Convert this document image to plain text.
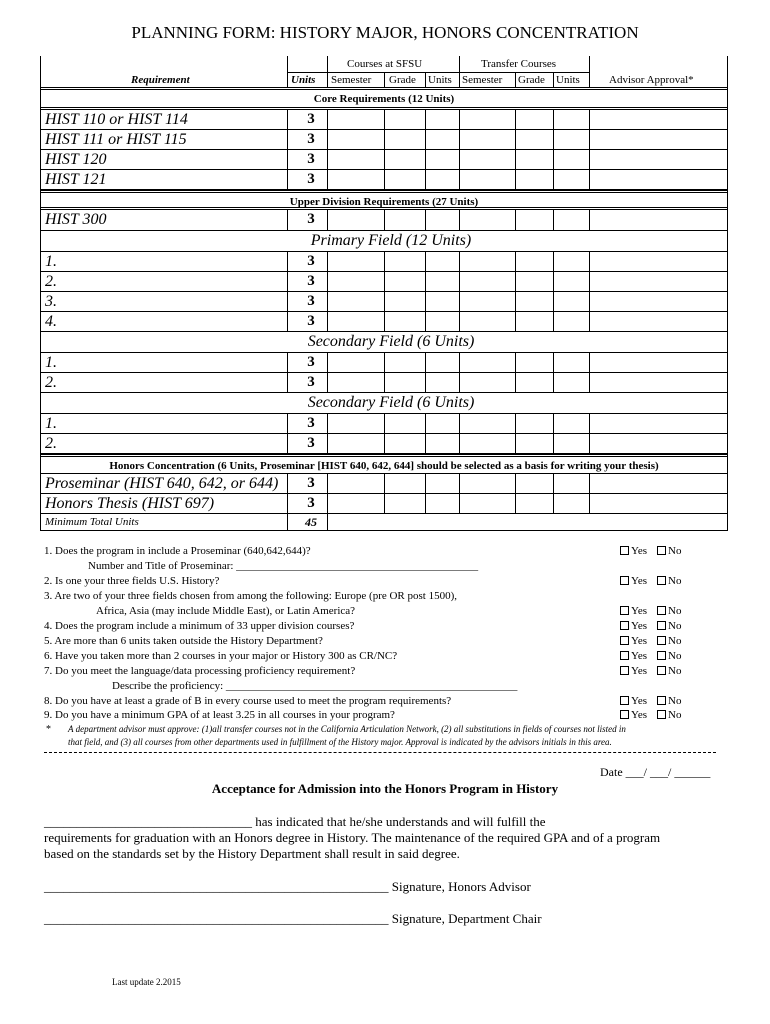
PLANNING FORM: HISTORY MAJOR, HONORS CONCENTRATION
Requirement	Units
Courses at SFSU	Transfer Courses
Semester Grade Units Semester Grade Units	Advisor Approval*
Core Requirements (12 Units)
HIST 110 or HIST 114	3
HIST 111 or HIST 115	3
HIST 120	3
HIST 121	3
Upper Division Requirements (27 Units)
HIST 300	3
Primary Field (12 Units)
1.	3
2.	3
3.	3
4.	3
Secondary Field (6 Units)
1.	3
2.	3
Secondary Field (6 Units)
1.	3
2.	3
Honors Concentration (6 Units, Proseminar [HIST 640, 642, 644] should be selected as a basis for writing your thesis)
Proseminar (HIST 640, 642, or 644)	3
Honors Thesis (HIST 697)	3
Minimum Total Units	45
1. Does the program in include a Proseminar (640,642,644)?	Yes No
Number and Title of Proseminar: ____________________________________________
2. Is one your three fields U.S. History?	Yes No
3. Are two of your three fields chosen from among the following: Europe (pre OR post 1500),
Africa, Asia (may include Middle East), or Latin America?	Yes No
4. Does the program include a minimum of 33 upper division courses?	Yes No
5. Are more than 6 units taken outside the History Department?	Yes No
6. Have you taken more than 2 courses in your major or History 300 as CR/NC?	Yes No
7. Do you meet the language/data processing proficiency requirement?	Yes No
Describe the proficiency: _____________________________________________________
8. Do you have at least a grade of B in every course used to meet the program requirements?	Yes No
9. Do you have a minimum GPA of at least 3.25 in all courses in your program?	Yes No
* A department advisor must approve: (1)all transfer courses not in the California Articulation Network, (2) all substitutions in fields of courses not listed in
that field, and (3) all courses from other departments used in fulfillment of the History major. Approval is indicated by the advisors initials in this area.
Date ___/ ___/ ______
Acceptance for Admission into the Honors Program in History
________________________________ has indicated that he/she understands and will fulfill the
requirements for graduation with an Honors degree in History. The maintenance of the required GPA and of a program
based on the standards set by the History Department shall result in said degree.
_____________________________________________________ Signature, Honors Advisor
_____________________________________________________ Signature, Department Chair
Last update 2.2015
